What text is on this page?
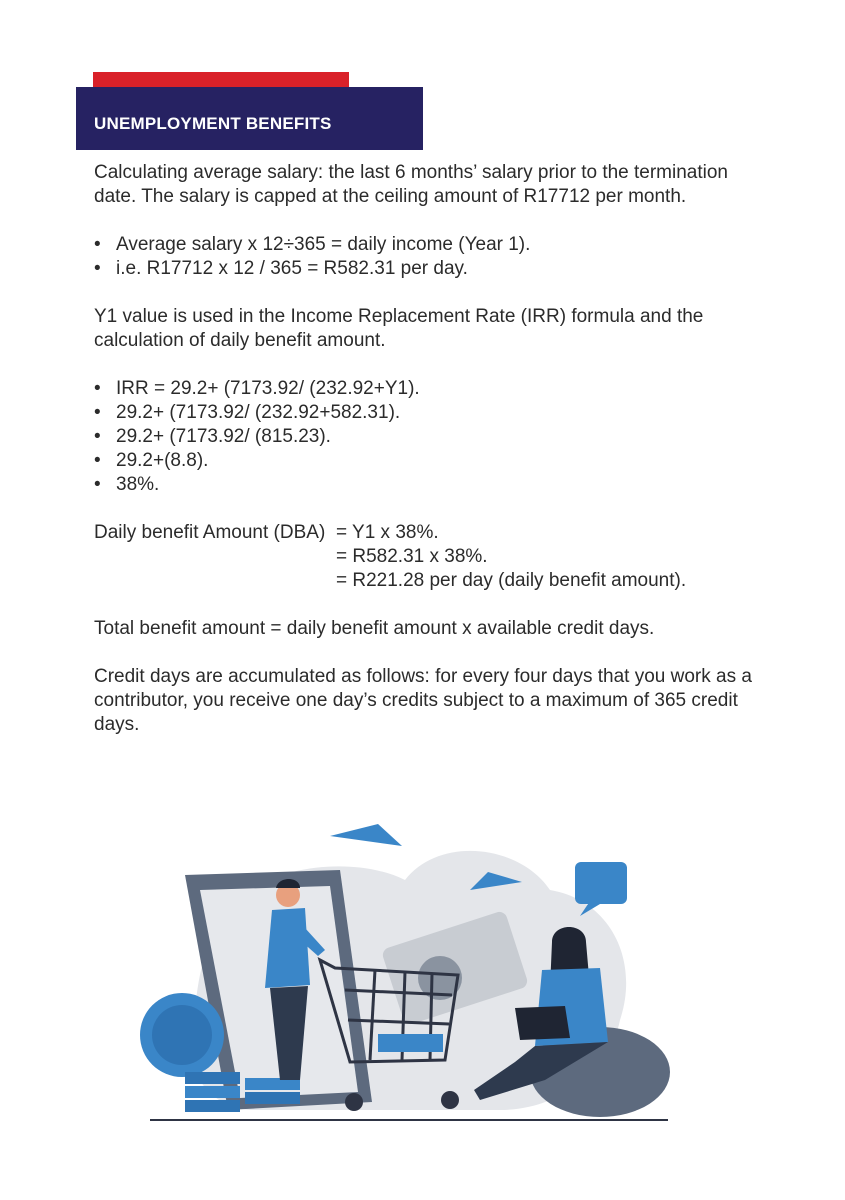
UNEMPLOYMENT BENEFITS

Calculating average salary: the last 6 months’ salary prior to the termination date. The salary is capped at the ceiling amount of R17712 per month.

• Average salary x 12÷365 = daily income (Year 1).
• i.e. R17712 x 12 / 365 = R582.31 per day.

Y1 value is used in the Income Replacement Rate (IRR) formula and the calculation of daily benefit amount.

• IRR = 29.2+ (7173.92/ (232.92+Y1).
• 29.2+ (7173.92/ (232.92+582.31).
• 29.2+ (7173.92/ (815.23).
• 29.2+(8.8).
• 38%.
Daily benefit Amount (DBA) = Y1 x 38%.
= R582.31 x 38%.
= R221.28 per day (daily benefit amount).

Total benefit amount = daily benefit amount x available credit days.

Credit days are accumulated as follows: for every four days that you work as a contributor, you receive one day’s credits subject to a maximum of 365 credit days.
